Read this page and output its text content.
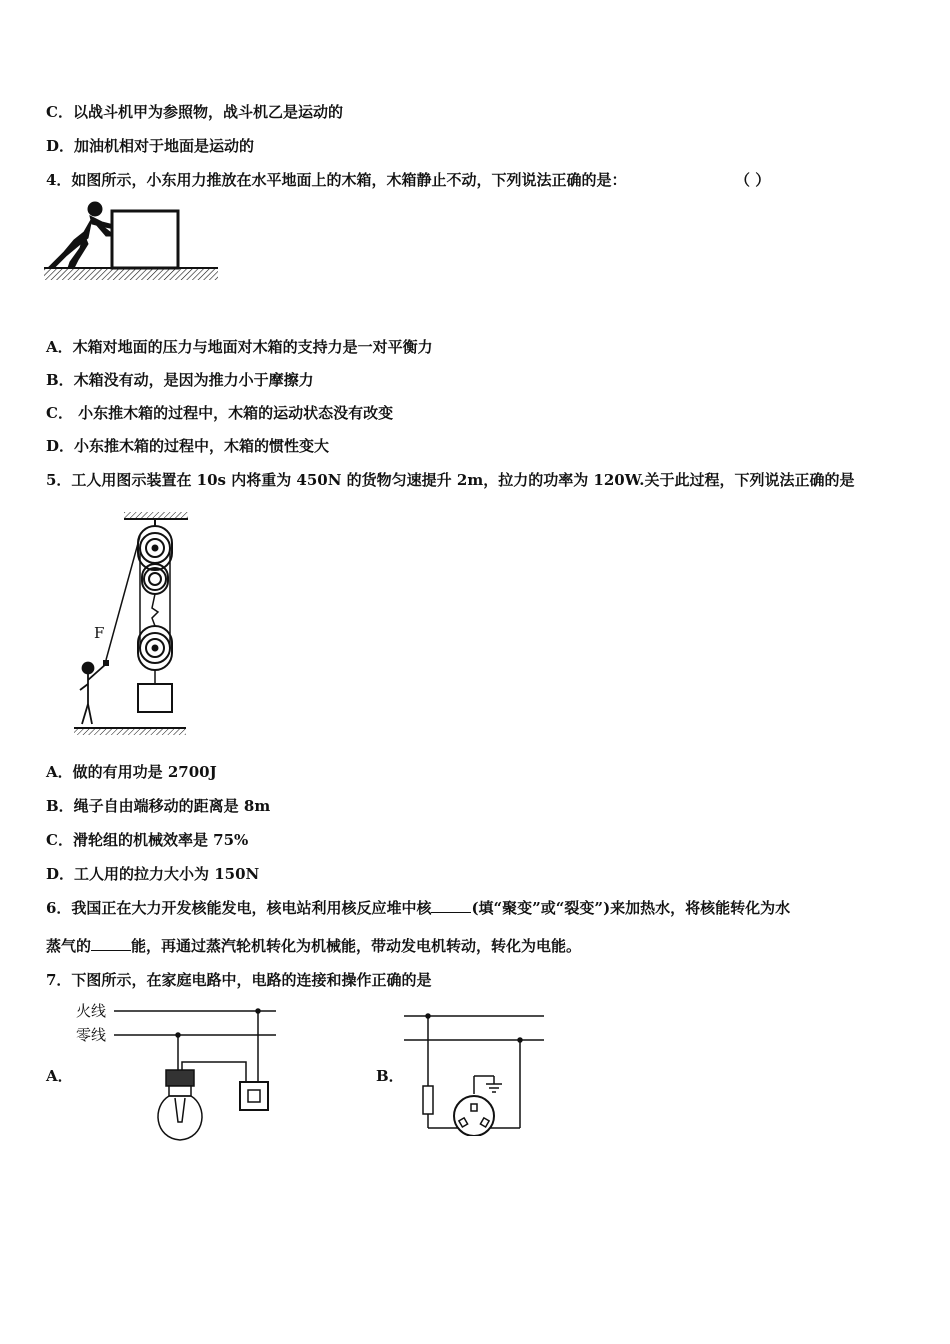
C．以战斗机甲为参照物，战斗机乙是运动的
D．加油机相对于地面是运动的
4．如图所示，小东用力推放在水平地面上的木箱，木箱静止不动，下列说法正确的是：	（ ）
A．木箱对地面的压力与地面对木箱的支持力是一对平衡力
B．木箱没有动，是因为推力小于摩擦力
C． 小东推木箱的过程中，木箱的运动状态没有改变
D．小东推木箱的过程中，木箱的惯性变大
5．工人用图示装置在 10s 内将重为 450N 的货物匀速提升 2m，拉力的功率为 120W.关于此过程，下列说法正确的是
F
A．做的有用功是 2700J
B．绳子自由端移动的距离是 8m
C．滑轮组的机械效率是 75%
D．工人用的拉力大小为 150N
6．我国正在大力开发核能发电，核电站利用核反应堆中核	(填“聚变”或“裂变”)来加热水，将核能转化为水
蒸气的	能，再通过蒸汽轮机转化为机械能，带动发电机转动，转化为电能。
7．下图所示，在家庭电路中，电路的连接和操作正确的是
A．	B．
火线
零线
